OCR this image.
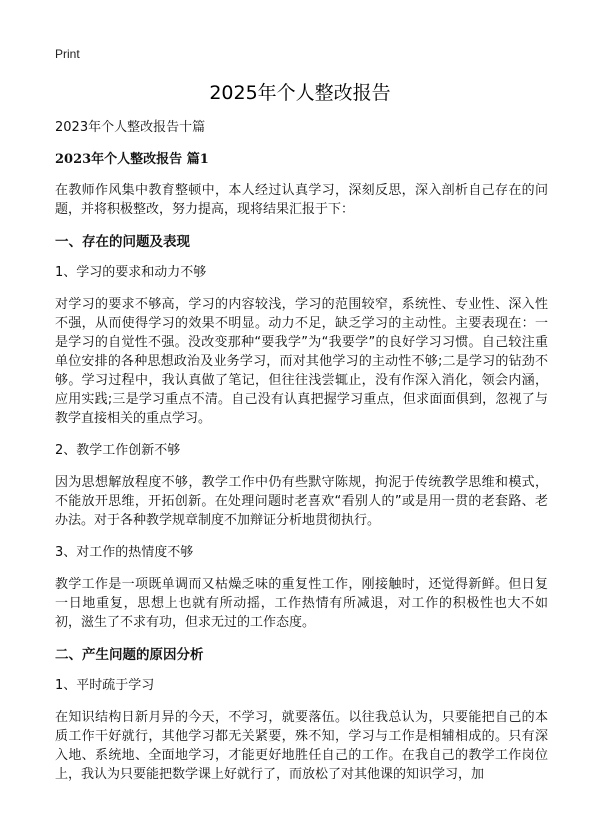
Print
2025年个人整改报告
2023年个人整改报告十篇
2023年个人整改报告 篇1

在教师作风集中教育整顿中，本人经过认真学习，深刻反思，深入剖析自己存在的问题，并将积极整改，努力提高，现将结果汇报于下：

一、存在的问题及表现
1、学习的要求和动力不够

对学习的要求不够高，学习的内容较浅，学习的范围较窄，系统性、专业性、深入性不强，从而使得学习的效果不明显。动力不足，缺乏学习的主动性。主要表现在：一是学习的自觉性不强。没改变那种“要我学”为“我要学”的良好学习习惯。自己较注重单位安排的各种思想政治及业务学习，而对其他学习的主动性不够;二是学习的钻劲不够。学习过程中，我认真做了笔记，但往往浅尝辄止，没有作深入消化，领会内涵，应用实践;三是学习重点不清。自己没有认真把握学习重点，但求面面俱到，忽视了与教学直接相关的重点学习。

2、教学工作创新不够

因为思想解放程度不够，教学工作中仍有些默守陈规，拘泥于传统教学思维和模式，不能放开思维，开拓创新。在处理问题时老喜欢“看别人的”或是用一贯的老套路、老办法。对于各种教学规章制度不加辩证分析地贯彻执行。

3、对工作的热情度不够

教学工作是一项既单调而又枯燥乏味的重复性工作，刚接触时，还觉得新鲜。但日复一日地重复，思想上也就有所动摇，工作热情有所减退，对工作的积极性也大不如初，滋生了不求有功，但求无过的工作态度。

二、产生问题的原因分析
1、平时疏于学习

在知识结构日新月异的今天，不学习，就要落伍。以往我总认为，只要能把自己的本质工作干好就行，其他学习都无关紧要，殊不知，学习与工作是相辅相成的。只有深入地、系统地、全面地学习，才能更好地胜任自己的工作。在我自己的教学工作岗位上，我认为只要能把数学课上好就行了，而放松了对其他课的知识学习，加
